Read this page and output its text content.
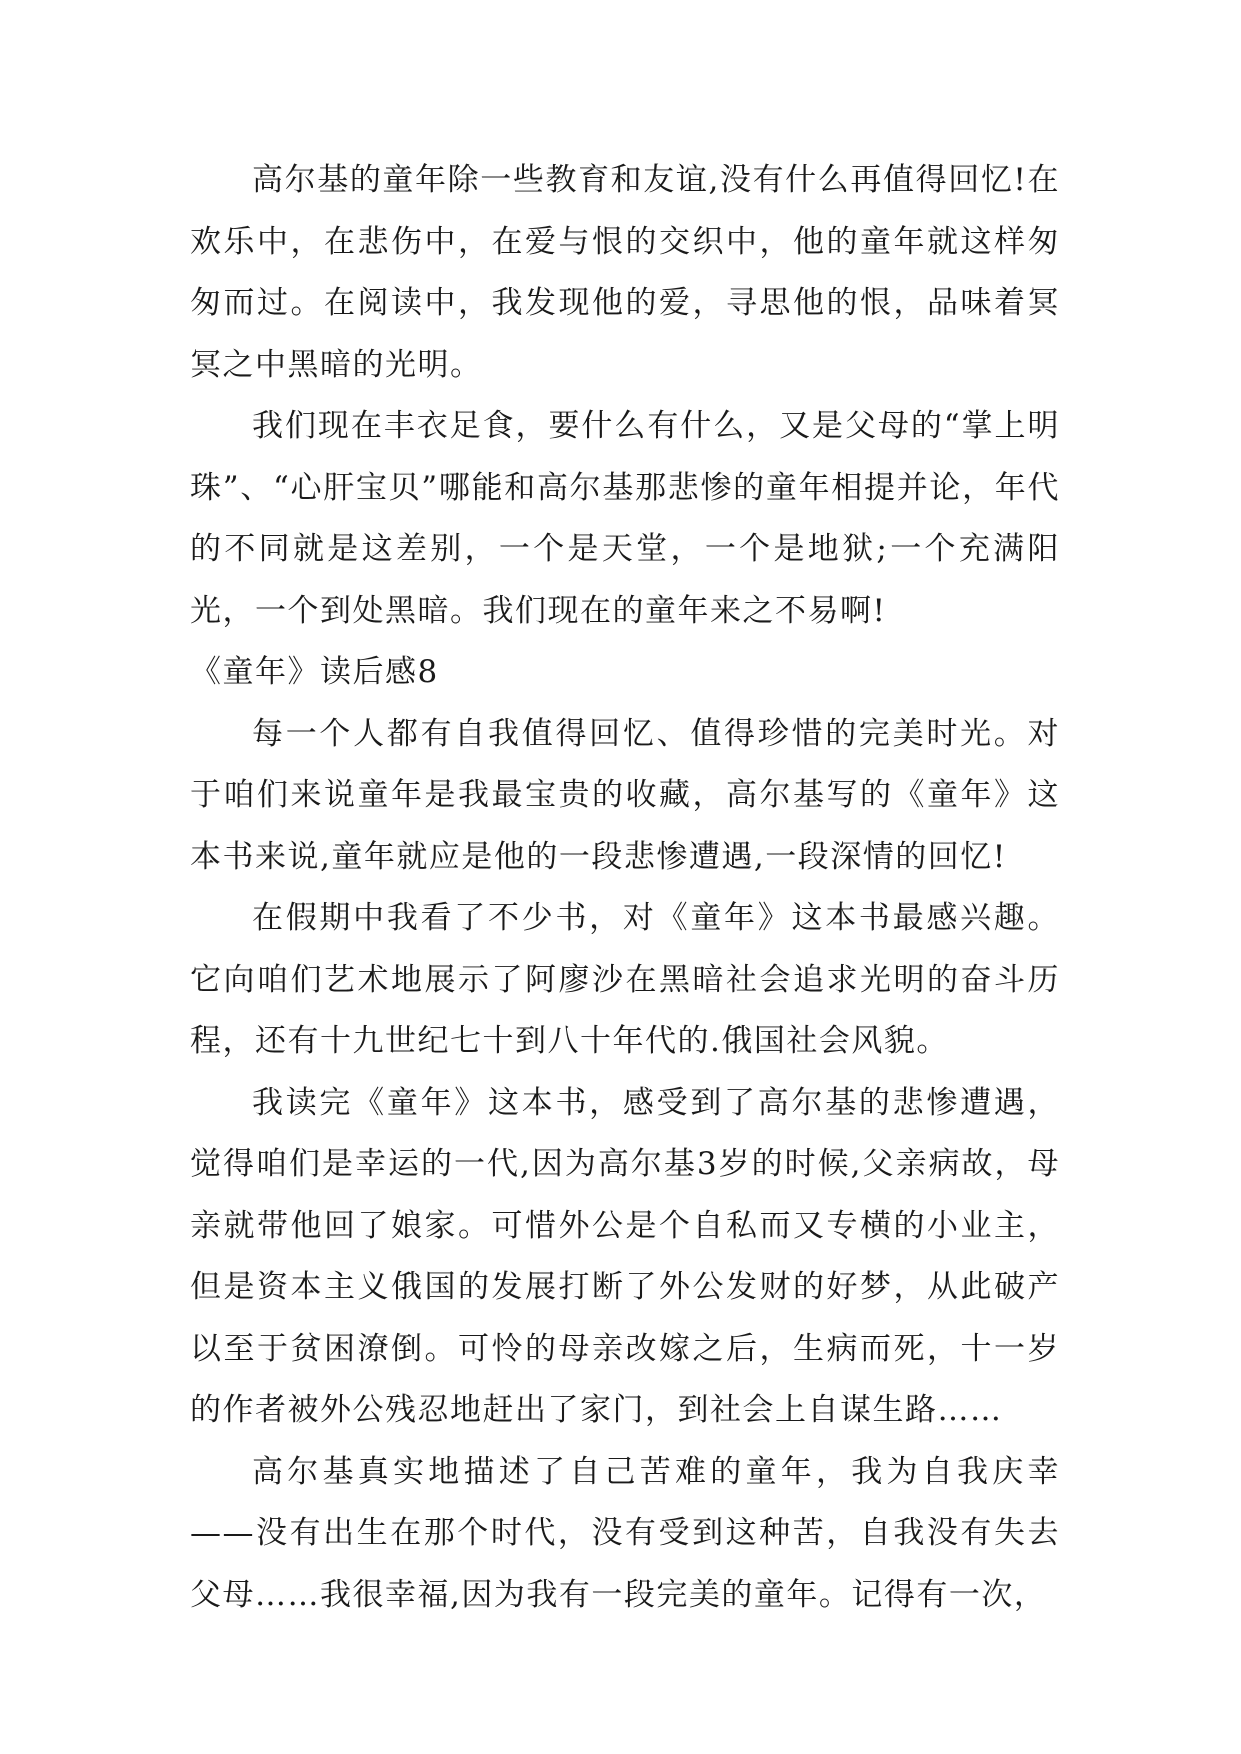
高尔基的童年除一些教育和友谊,没有什么再值得回忆!在欢乐中，在悲伤中，在爱与恨的交织中，他的童年就这样匆匆而过。在阅读中，我发现他的爱，寻思他的恨，品味着冥冥之中黑暗的光明。

我们现在丰衣足食，要什么有什么，又是父母的“掌上明珠”、“心肝宝贝”哪能和高尔基那悲惨的童年相提并论，年代的不同就是这差别，一个是天堂，一个是地狱;一个充满阳光，一个到处黑暗。我们现在的童年来之不易啊!

《童年》读后感8

每一个人都有自我值得回忆、值得珍惜的完美时光。对于咱们来说童年是我最宝贵的收藏，高尔基写的《童年》这本书来说,童年就应是他的一段悲惨遭遇,一段深情的回忆!

在假期中我看了不少书，对《童年》这本书最感兴趣。它向咱们艺术地展示了阿廖沙在黑暗社会追求光明的奋斗历程，还有十九世纪七十到八十年代的.俄国社会风貌。

我读完《童年》这本书，感受到了高尔基的悲惨遭遇，觉得咱们是幸运的一代,因为高尔基3岁的时候,父亲病故，母亲就带他回了娘家。可惜外公是个自私而又专横的小业主，但是资本主义俄国的发展打断了外公发财的好梦，从此破产以至于贫困潦倒。可怜的母亲改嫁之后，生病而死，十一岁的作者被外公残忍地赶出了家门，到社会上自谋生路……

高尔基真实地描述了自己苦难的童年，我为自我庆幸——没有出生在那个时代，没有受到这种苦，自我没有失去父母……我很幸福,因为我有一段完美的童年。记得有一次，
